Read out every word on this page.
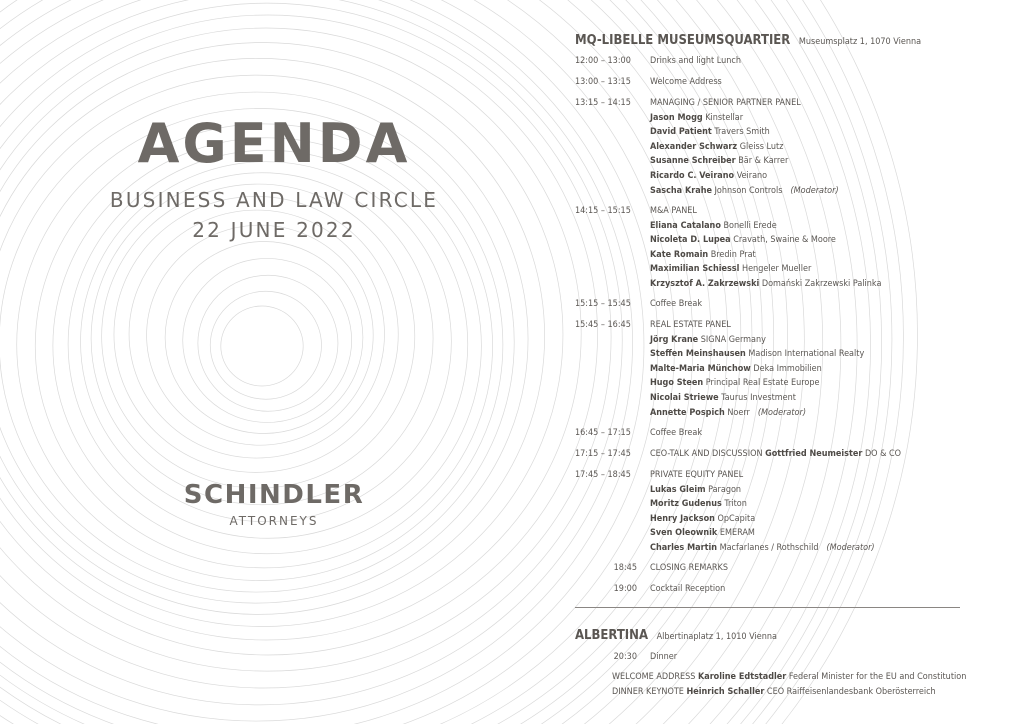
AGENDA
BUSINESS AND LAW CIRCLE
22 JUNE 2022
SCHINDLER
ATTORNEYS
MQ-LIBELLE MUSEUMSQUARTIER Museumsplatz 1, 1070 Vienna
12:00 – 13:00	Drinks and light Lunch
13:00 – 13:15	Welcome Address
13:15 – 14:15	MANAGING / SENIOR PARTNER PANEL
Jason Mogg Kinstellar
David Patient Travers Smith
Alexander Schwarz Gleiss Lutz
Susanne Schreiber Bär & Karrer
Ricardo C. Veirano Veirano
Sascha Krahe Johnson Controls (Moderator)
14:15 – 15:15	M&A PANEL
Eliana Catalano Bonelli Erede
Nicoleta D. Lupea Cravath, Swaine & Moore
Kate Romain Bredin Prat
Maximilian Schiessl Hengeler Mueller
Krzysztof A. Zakrzewski Domański Zakrzewski Palinka
15:15 – 15:45	Coffee Break
15:45 – 16:45	REAL ESTATE PANEL
Jörg Krane SIGNA Germany
Steffen Meinshausen Madison International Realty
Malte-Maria Münchow Deka Immobilien
Hugo Steen Principal Real Estate Europe
Nicolai Striewe Taurus Investment
Annette Pospich Noerr (Moderator)
16:45 – 17:15	Coffee Break
17:15 – 17:45	CEO-TALK AND DISCUSSION Gottfried Neumeister DO & CO
17:45 – 18:45	PRIVATE EQUITY PANEL
Lukas Gleim Paragon
Moritz Gudenus Triton
Henry Jackson OpCapita
Sven Oleownik EMERAM
Charles Martin Macfarlanes / Rothschild (Moderator)
18:45 CLOSING REMARKS
19:00 Cocktail Reception
ALBERTINA Albertinaplatz 1, 1010 Vienna
20:30 Dinner
WELCOME ADDRESS Karoline Edtstadler Federal Minister for the EU and Constitution
DINNER KEYNOTE Heinrich Schaller CEO Raiffeisenlandesbank Oberösterreich
